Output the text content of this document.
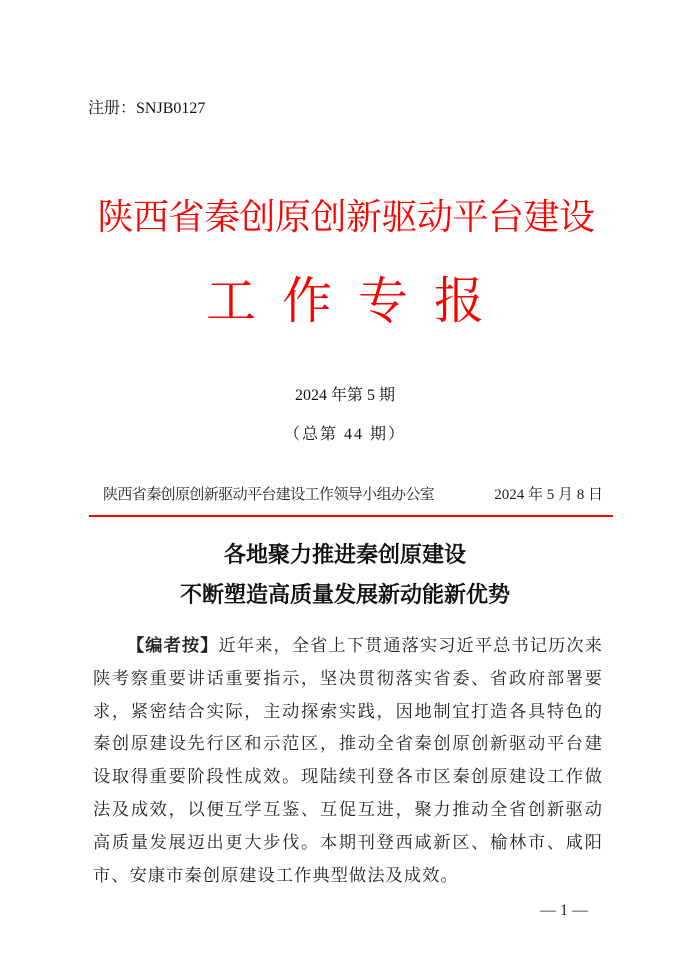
注册：SNJB0127
陕西省秦创原创新驱动平台建设
工作专报
2024 年第 5 期
（总第 44 期）
陕西省秦创原创新驱动平台建设工作领导小组办公室	2024 年 5 月 8 日
各地聚力推进秦创原建设
不断塑造高质量发展新动能新优势

【编者按】近年来，全省上下贯通落实习近平总书记历次来陕考察重要讲话重要指示，坚决贯彻落实省委、省政府部署要求，紧密结合实际，主动探索实践，因地制宜打造各具特色的秦创原建设先行区和示范区，推动全省秦创原创新驱动平台建设取得重要阶段性成效。现陆续刊登各市区秦创原建设工作做法及成效，以便互学互鉴、互促互进，聚力推动全省创新驱动高质量发展迈出更大步伐。本期刊登西咸新区、榆林市、咸阳市、安康市秦创原建设工作典型做法及成效。

— 1 —
